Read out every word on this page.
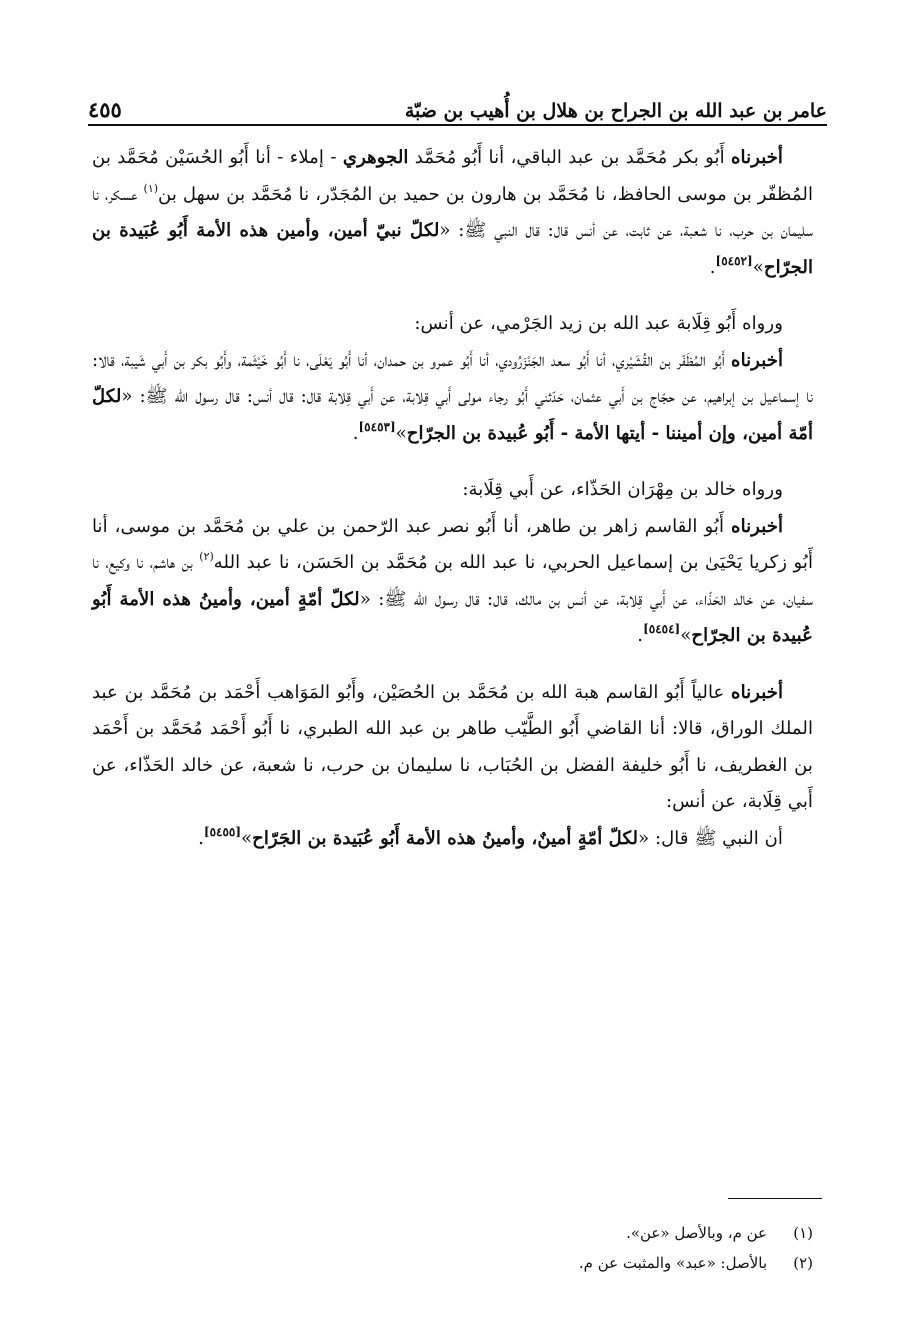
عامر بن عبد الله بن الجراح بن هلال بن أُهيب بن ضبّة
٤٥٥

أخبرناه أَبُو بكر مُحَمَّد بن عبد الباقي، أنا أَبُو مُحَمَّد الجوهري - إملاء - أنا أَبُو الحُسَيْن مُحَمَّد بن المُظفّر بن موسى الحافظ، نا مُحَمَّد بن هارون بن حميد بن المُجَدّر، نا مُحَمَّد بن سهل بن$^{(١)}$ عسكر، نا سليمان بن حرب، نا شعبة، عن ثابت، عن أنس قال: قال النبي ﷺ: «لكلّ نبيّ أمين، وأمين هذه الأمة أَبُو عُبَيدة بن الجرّاح»[٥٤٥٢].

ورواه أَبُو قِلَابة عبد الله بن زيد الجَرْمي، عن أنس:

أخبرناه أَبُو المُظَفّر بن القُشَيْري، أنا أَبُو سعد الجَنْزَرُودي، أنا أَبُو عمرو بن حمدان، أنا أَبُو يَعْلَى، نا أَبُو خَيْثَمة، وأَبُو بكر بن أَبي شَيبة، قالا: نا إسماعيل بن إبراهيم، عن حجّاج بن أَبي عثمان، حَدّثني أَبُو رجاء مولى أَبي قِلابة، عن أَبي قِلابة قال: قال أنس: قال رسول الله ﷺ: «لكلّ أمّة أمين، وإن أميننا - أيتها الأمة - أَبُو عُبيدة بن الجرّاح»[٥٤٥٣].

ورواه خالد بن مِهْرَان الحَذّاء، عن أَبي قِلَابة:

أخبرناه أَبُو القاسم زاهر بن طاهر، أنا أَبُو نصر عبد الرّحمن بن علي بن مُحَمَّد بن موسى، أنا أَبُو زكريا يَحْيَىٰ بن إسماعيل الحربي، نا عبد الله بن مُحَمَّد بن الحَسَن، نا عبد الله$^{(٢)}$ بن هاشم، نا وكيع، نا سفيان، عن خالد الحَذّاء، عن أَبي قِلابة، عن أنس بن مالك، قال: قال رسول الله ﷺ: «لكلّ أمّةٍ أمين، وأمينُ هذه الأمة أَبُو عُبيدة بن الجرّاح»[٥٤٥٤].

أخبرناه عالياً أَبُو القاسم هبة الله بن مُحَمَّد بن الحُصَيْن، وأَبُو المَوَاهب أَحْمَد بن مُحَمَّد بن عبد الملك الوراق، قالا: أنا القاضي أَبُو الطَّيّب طاهر بن عبد الله الطبري، نا أَبُو أَحْمَد مُحَمَّد بن أَحْمَد بن الغطريف، نا أَبُو خليفة الفضل بن الحُبَاب، نا سليمان بن حرب، نا شعبة، عن خالد الحَذّاء، عن أَبي قِلَابة، عن أنس:

أن النبي ﷺ قال: «لكلّ أمّةٍ أمينٌ، وأمينُ هذه الأمة أَبُو عُبَيدة بن الجَرّاح»[٥٤٥٥].

(١)
عن م، وبالأصل «عن».
(٢)
بالأصل: «عبد» والمثبت عن م.
